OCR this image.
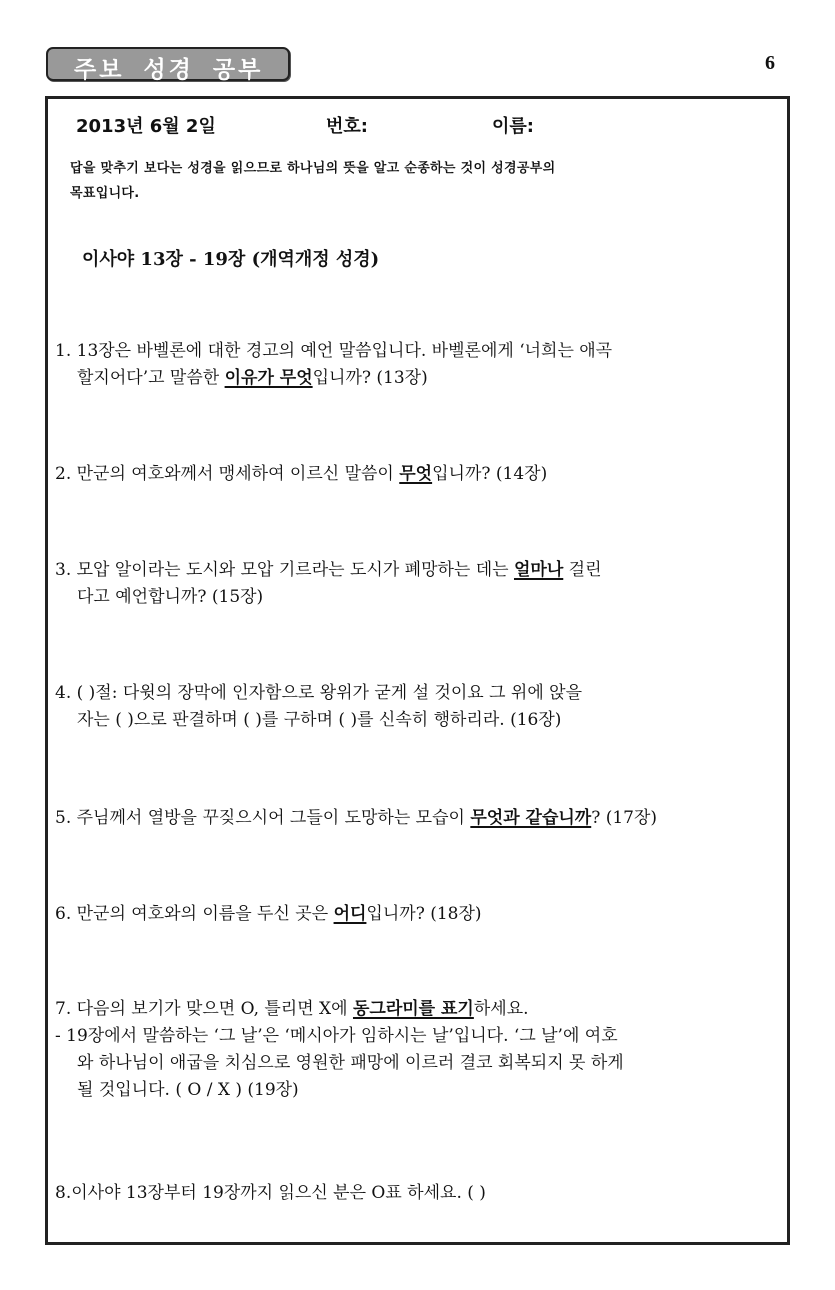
주보 성경 공부	6
2013년 6월 2일	번호:	이름:
답을 맞추기 보다는 성경을 읽으므로 하나님의 뜻을 알고 순종하는 것이 성경공부의
목표입니다.
이사야 13장 - 19장 (개역개정 성경)
1. 13장은 바벨론에 대한 경고의 예언 말씀입니다. 바벨론에게 ‘너희는 애곡
할지어다’고 말씀한 이유가 무엇입니까? (13장)
2. 만군의 여호와께서 맹세하여 이르신 말씀이 무엇입니까? (14장)
3. 모압 알이라는 도시와 모압 기르라는 도시가 폐망하는 데는 얼마나 걸린
다고 예언합니까? (15장)
4. ( )절: 다윗의 장막에 인자함으로 왕위가 굳게 설 것이요 그 위에 앉을
자는 ( )으로 판결하며 ( )를 구하며 ( )를 신속히 행하리라. (16장)
5. 주님께서 열방을 꾸짖으시어 그들이 도망하는 모습이 무엇과 같습니까? (17장)
6. 만군의 여호와의 이름을 두신 곳은 어디입니까? (18장)
7. 다음의 보기가 맞으면 O, 틀리면 X에 동그라미를 표기하세요.
- 19장에서 말씀하는 ‘그 날’은 ‘메시아가 임하시는 날’입니다. ‘그 날’에 여호
와 하나님이 애굽을 치심으로 영원한 패망에 이르러 결코 회복되지 못 하게
될 것입니다. ( O / X ) (19장)
8.이사야 13장부터 19장까지 읽으신 분은 O표 하세요. ( )
